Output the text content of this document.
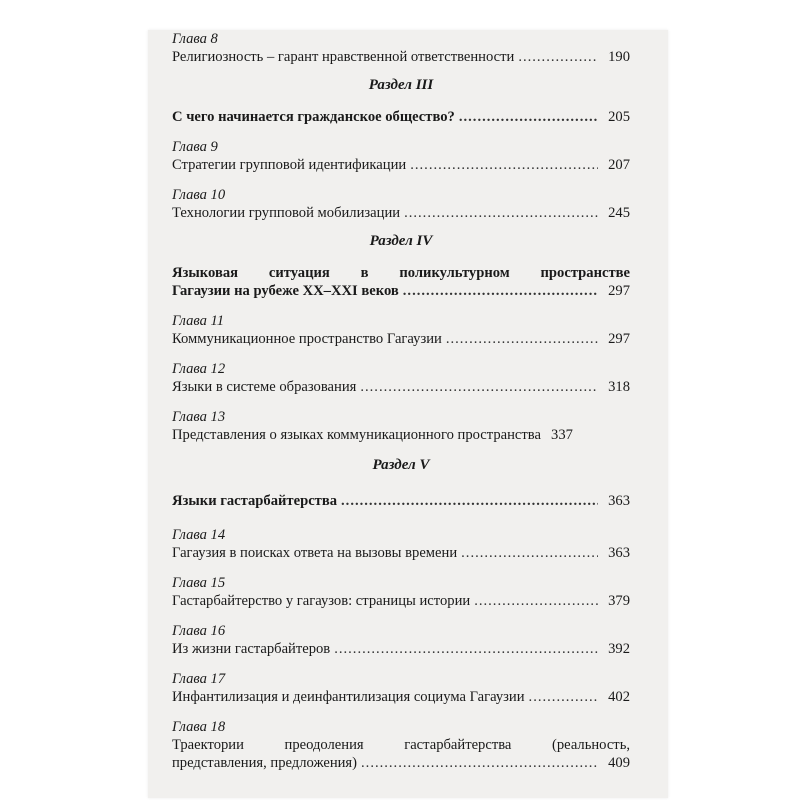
Глава 8
Религиозность – гарант нравственной ответственности .....	190
Раздел III
С чего начинается гражданское общество? .....	205
Глава 9
Стратегии групповой идентификации .....	207
Глава 10
Технологии групповой мобилизации .....	245
Раздел IV
Языковая ситуация в поликультурном пространстве
Гагаузии на рубеже XX–XXI веков .....	297
Глава 11
Коммуникационное пространство Гагаузии .....	297
Глава 12
Языки в системе образования .....	318
Глава 13
Представления о языках коммуникационного пространства 337
Раздел V
Языки гастарбайтерства .....	363
Глава 14
Гагаузия в поисках ответа на вызовы времени .....	363
Глава 15
Гастарбайтерство у гагаузов: страницы истории .....	379
Глава 16
Из жизни гастарбайтеров .....	392
Глава 17
Инфантилизация и деинфантилизация социума Гагаузии .....	402
Глава 18
Траектории преодоления гастарбайтерства (реальность,
представления, предложения) .....	409
